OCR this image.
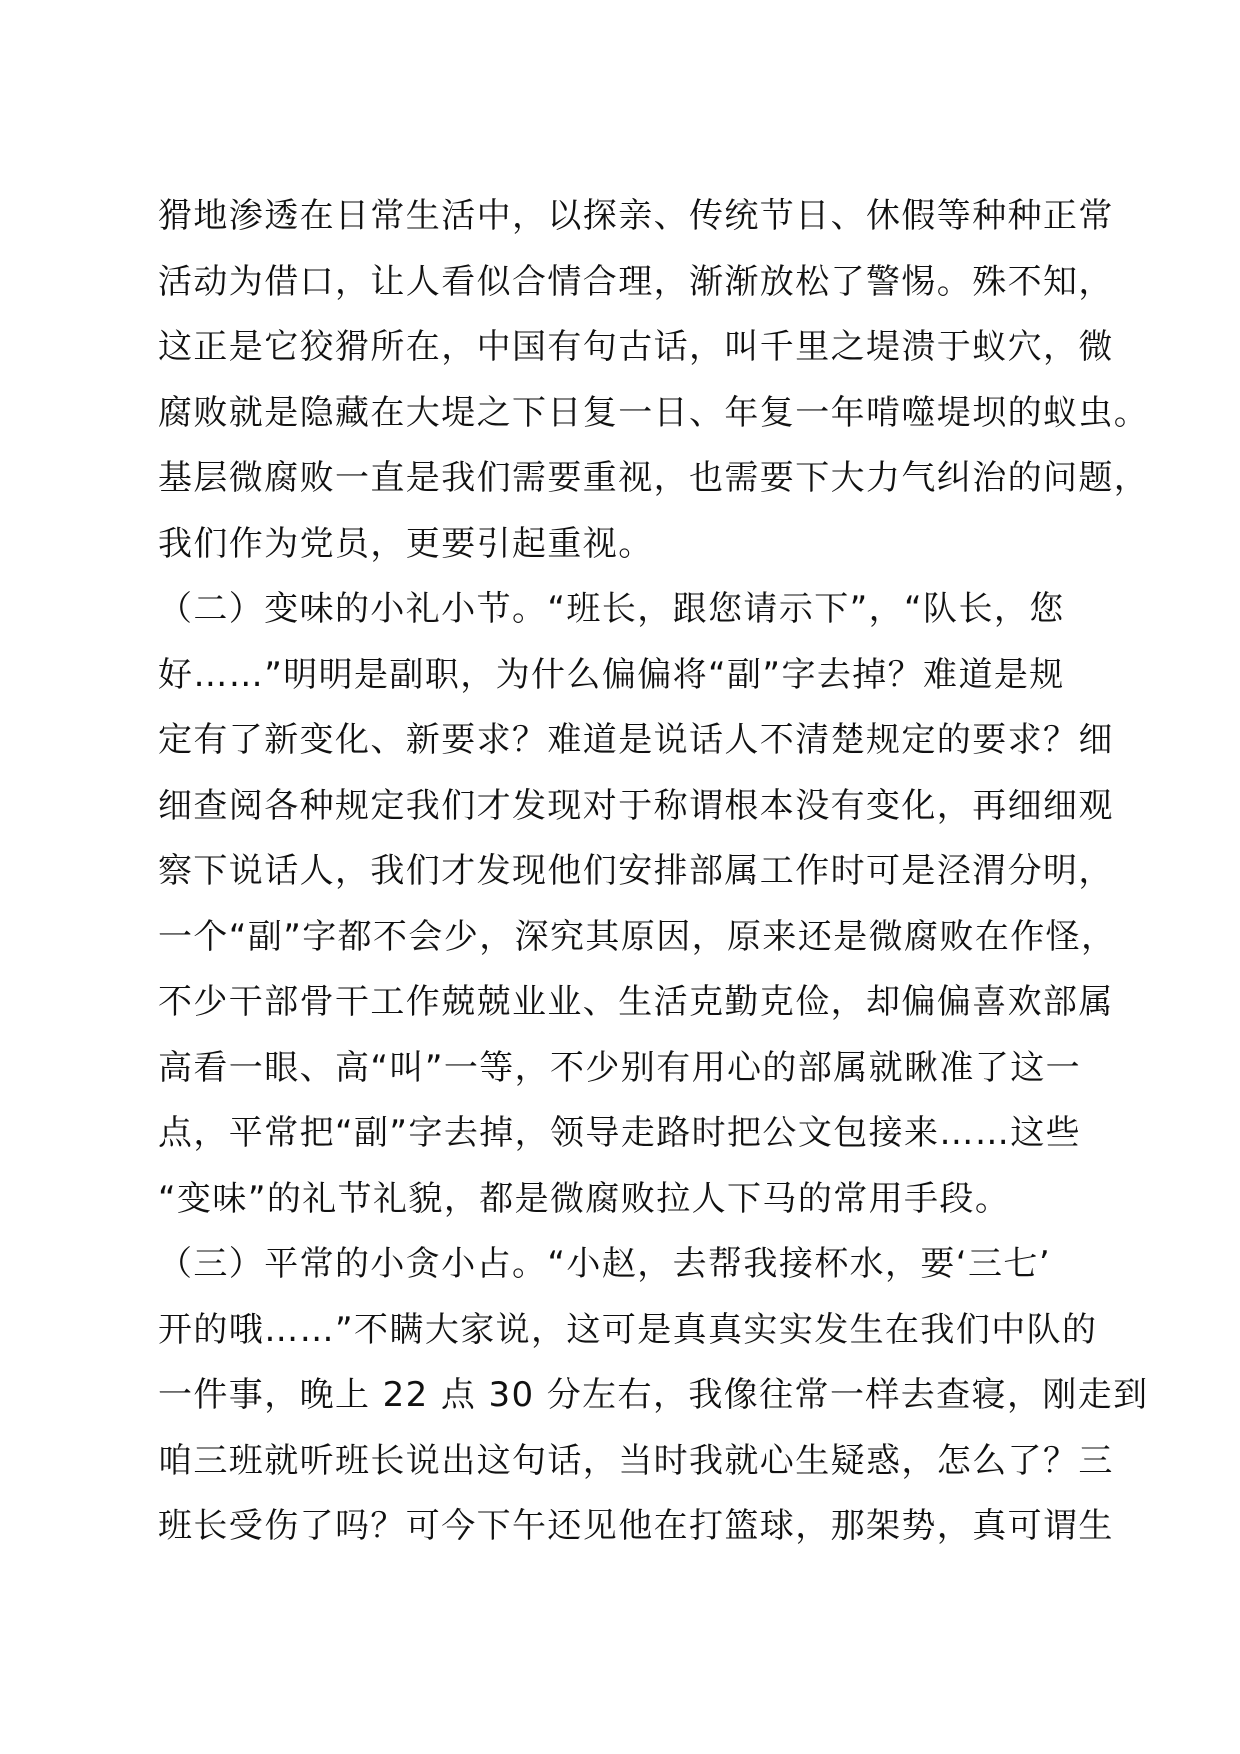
猾地渗透在日常生活中，以探亲、传统节日、休假等种种正常
活动为借口，让人看似合情合理，渐渐放松了警惕。殊不知，
这正是它狡猾所在，中国有句古话，叫千里之堤溃于蚁穴，微
腐败就是隐藏在大堤之下日复一日、年复一年啃噬堤坝的蚁虫。
基层微腐败一直是我们需要重视，也需要下大力气纠治的问题，
我们作为党员，更要引起重视。
（二）变味的小礼小节。“班长，跟您请示下”，“队长，您
好……”明明是副职，为什么偏偏将“副”字去掉？难道是规
定有了新变化、新要求？难道是说话人不清楚规定的要求？细
细查阅各种规定我们才发现对于称谓根本没有变化，再细细观
察下说话人，我们才发现他们安排部属工作时可是泾渭分明，
一个“副”字都不会少，深究其原因，原来还是微腐败在作怪，
不少干部骨干工作兢兢业业、生活克勤克俭，却偏偏喜欢部属
高看一眼、高“叫”一等，不少别有用心的部属就瞅准了这一
点，平常把“副”字去掉，领导走路时把公文包接来……这些
“变味”的礼节礼貌，都是微腐败拉人下马的常用手段。
（三）平常的小贪小占。“小赵，去帮我接杯水，要‘三七’
开的哦……”不瞒大家说，这可是真真实实发生在我们中队的
一件事，晚上 22 点 30 分左右，我像往常一样去查寝，刚走到
咱三班就听班长说出这句话，当时我就心生疑惑，怎么了？三
班长受伤了吗？可今下午还见他在打篮球，那架势，真可谓生
